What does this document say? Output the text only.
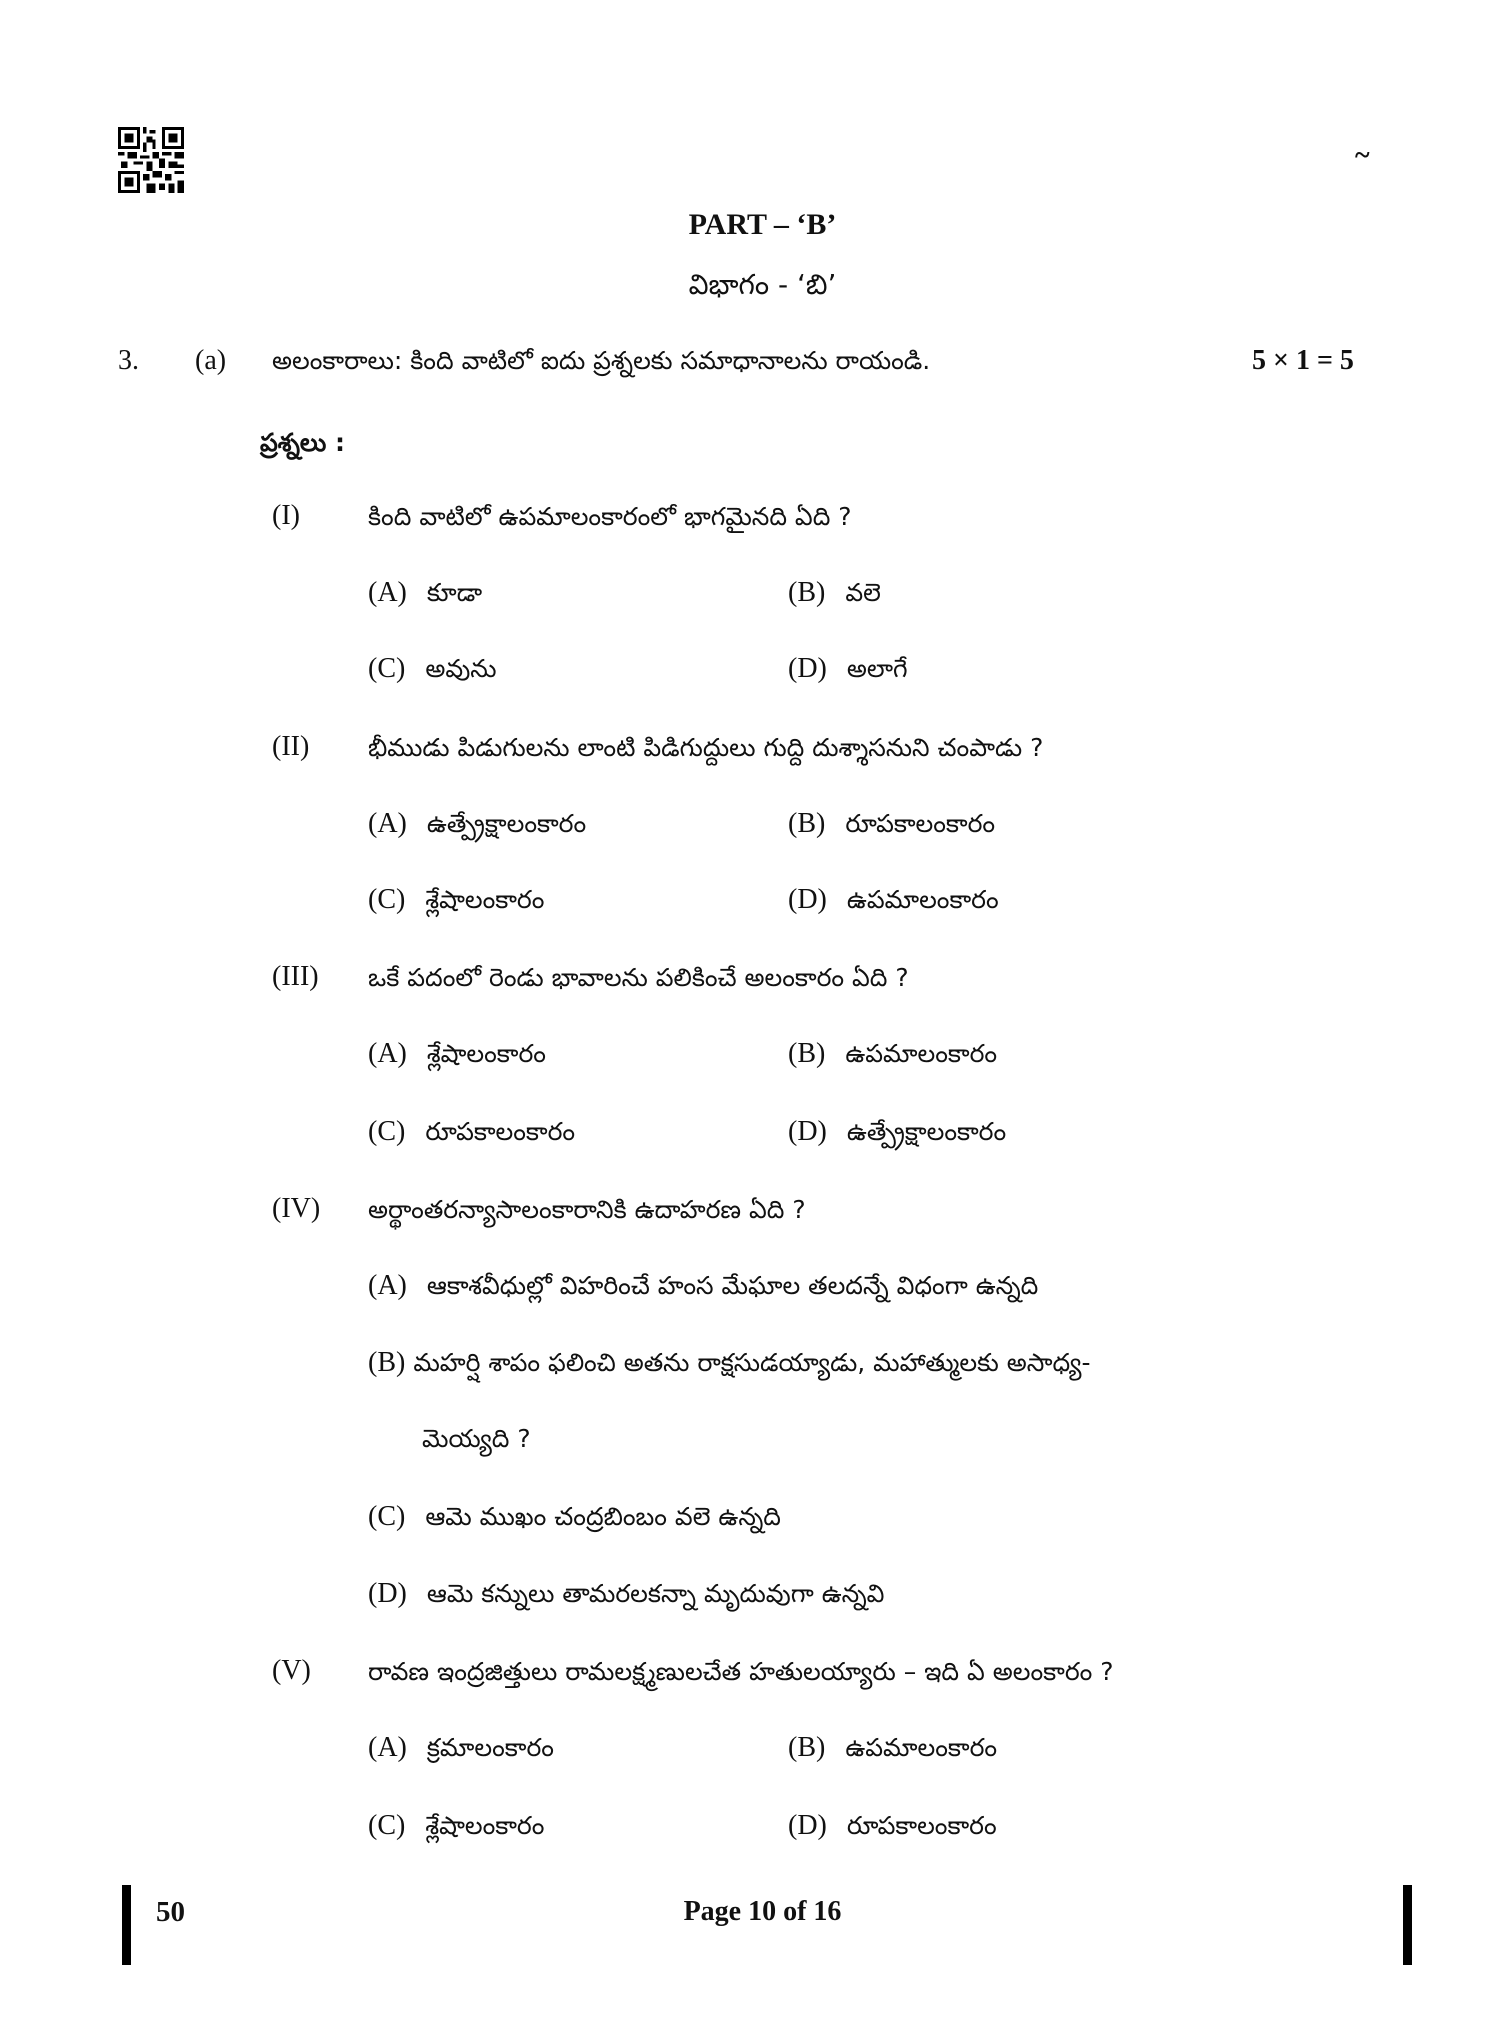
~
PART – ‘B’
విభాగం - ‘బి’
3. (a) అలంకారాలు: కింది వాటిలో ఐదు ప్రశ్నలకు సమాధానాలను రాయండి.	5 × 1 = 5
ప్రశ్నలు :
(I)	కింది వాటిలో ఉపమాలంకారంలో భాగమైనది ఏది ?
(A) కూడా	(B) వలె
(C) అవును	(D) అలాగే
(II) భీముడు పిడుగులను లాంటి పిడిగుద్దులు గుద్ది దుశ్శాసనుని చంపాడు ?
(A) ఉత్ప్రేక్షాలంకారం	(B) రూపకాలంకారం
(C) శ్లేషాలంకారం	(D) ఉపమాలంకారం
(III) ఒకే పదంలో రెండు భావాలను పలికించే అలంకారం ఏది ?
(A) శ్లేషాలంకారం	(B) ఉపమాలంకారం
(C) రూపకాలంకారం	(D) ఉత్ప్రేక్షాలంకారం
(IV) అర్థాంతరన్యాసాలంకారానికి ఉదాహరణ ఏది ?
(A) ఆకాశవీధుల్లో విహరించే హంస మేఘాల తలదన్నే విధంగా ఉన్నది
(B) మహర్షి శాపం ఫలించి అతను రాక్షసుడయ్యాడు, మహాత్ములకు అసాధ్య-
మెయ్యది ?
(C) ఆమె ముఖం చంద్రబింబం వలె ఉన్నది
(D) ఆమె కన్నులు తామరలకన్నా మృదువుగా ఉన్నవి
(V) రావణ ఇంద్రజిత్తులు రామలక్ష్మణులచేత హతులయ్యారు – ఇది ఏ అలంకారం ?
(A) క్రమాలంకారం	(B) ఉపమాలంకారం
(C) శ్లేషాలంకారం	(D) రూపకాలంకారం
50	Page 10 of 16
